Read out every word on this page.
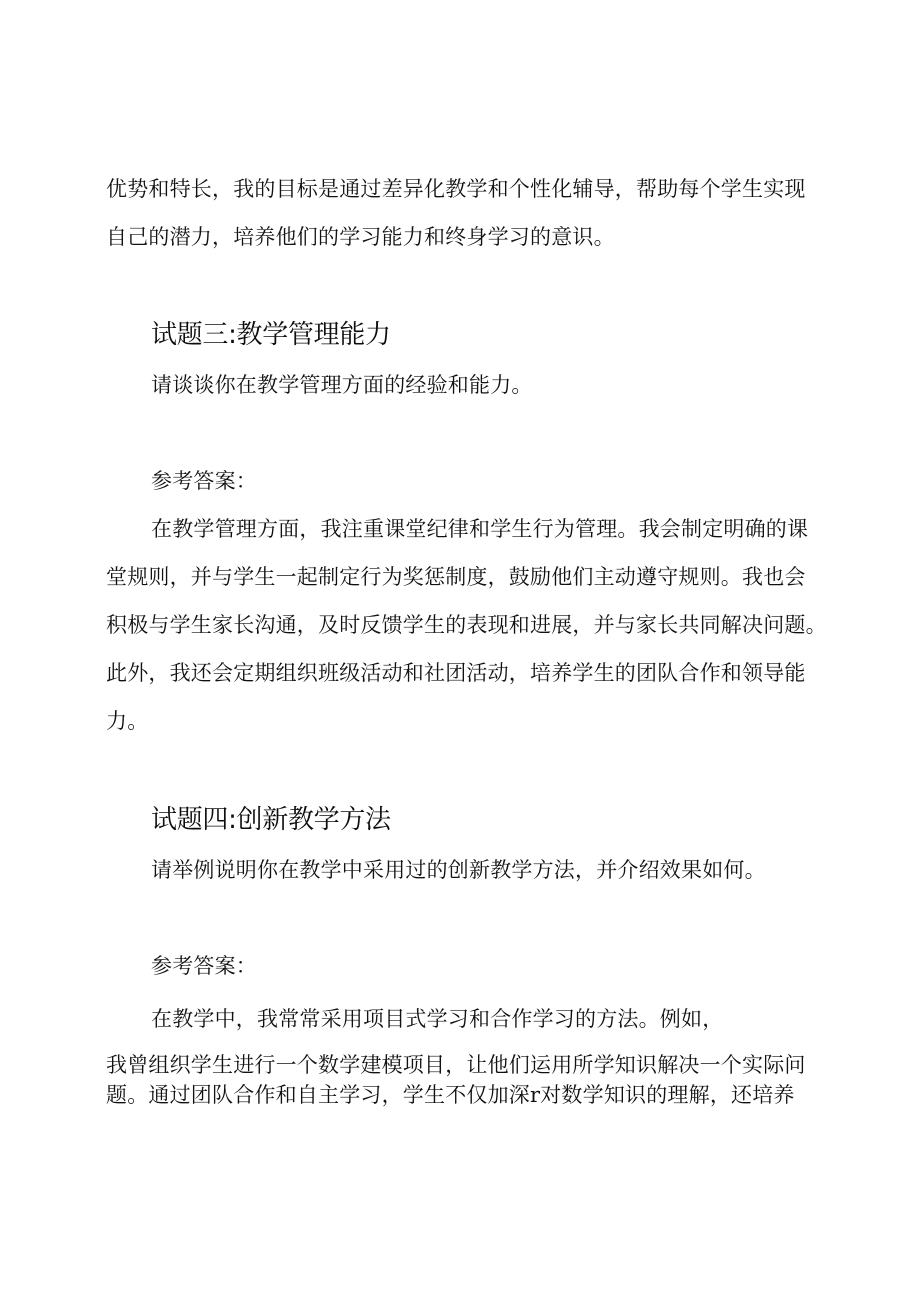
优势和特长，我的目标是通过差异化教学和个性化辅导，帮助每个学生实现
自己的潜力，培养他们的学习能力和终身学习的意识。
试题三:教学管理能力
请谈谈你在教学管理方面的经验和能力。
参考答案：
在教学管理方面，我注重课堂纪律和学生行为管理。我会制定明确的课
堂规则，并与学生一起制定行为奖惩制度，鼓励他们主动遵守规则。我也会
积极与学生家长沟通，及时反馈学生的表现和进展，并与家长共同解决问题。
此外，我还会定期组织班级活动和社团活动，培养学生的团队合作和领导能
力。
试题四:创新教学方法
请举例说明你在教学中采用过的创新教学方法，并介绍效果如何。
参考答案：
在教学中，我常常采用项目式学习和合作学习的方法。例如，
我曾组织学生进行一个数学建模项目，让他们运用所学知识解决一个实际问
题。通过团队合作和自主学习，学生不仅加深r对数学知识的理解，还培养
